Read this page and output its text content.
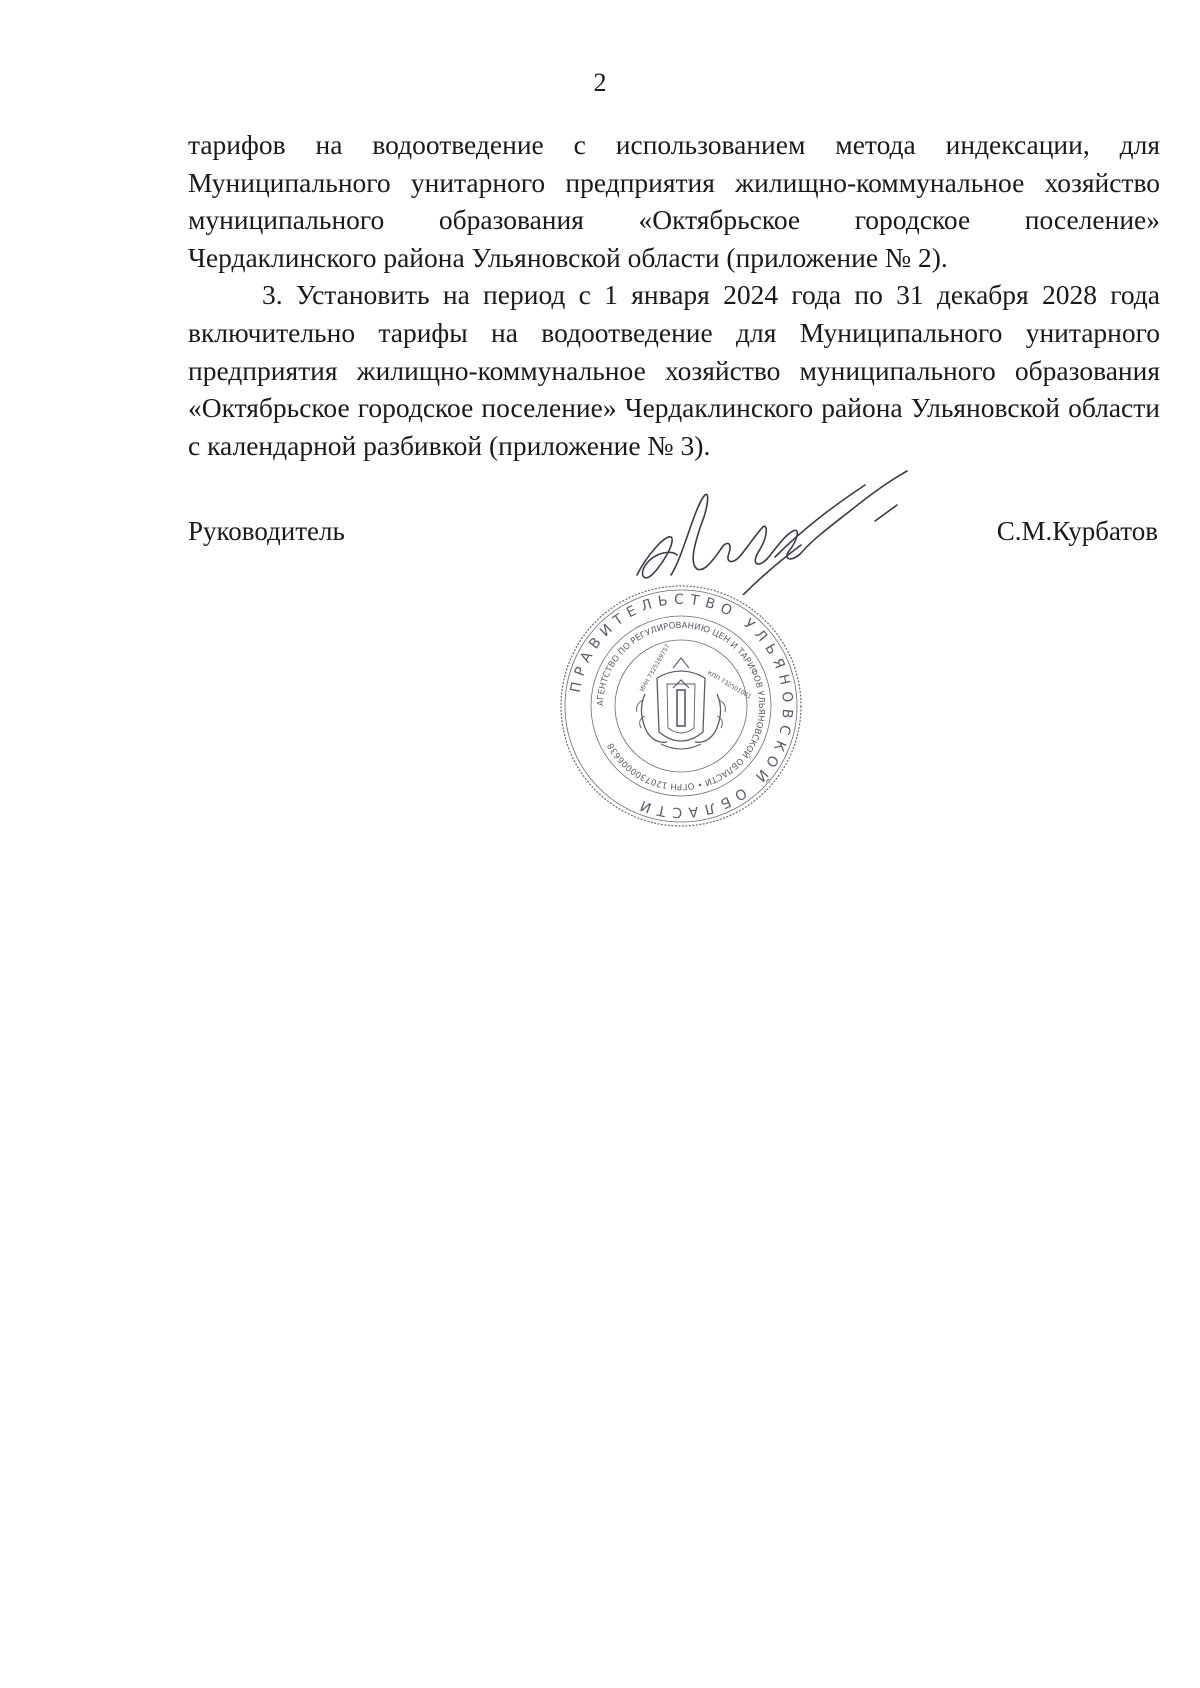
2

тарифов на водоотведение с использованием метода индексации, для Муниципального унитарного предприятия жилищно-коммунальное хозяйство муниципального образования «Октябрьское городское поселение» Чердаклинского района Ульяновской области (приложение № 2).

3. Установить на период с 1 января 2024 года по 31 декабря 2028 года включительно тарифы на водоотведение для Муниципального унитарного предприятия жилищно-коммунальное хозяйство муниципального образования «Октябрьское городское поселение» Чердаклинского района Ульяновской области с календарной разбивкой (приложение № 3).

Руководитель	С.М.Курбатов
ПРАВИТЕЛЬСТВО УЛЬЯНОВСКОЙ ОБЛАСТИ
АГЕНТСТВО ПО РЕГУЛИРОВАНИЮ ЦЕН И ТАРИФОВ УЛЬЯНОВСКОЙ ОБЛАСТИ • ОГРН 1207300006638
ИНН 7325169757	КПП 732501001
